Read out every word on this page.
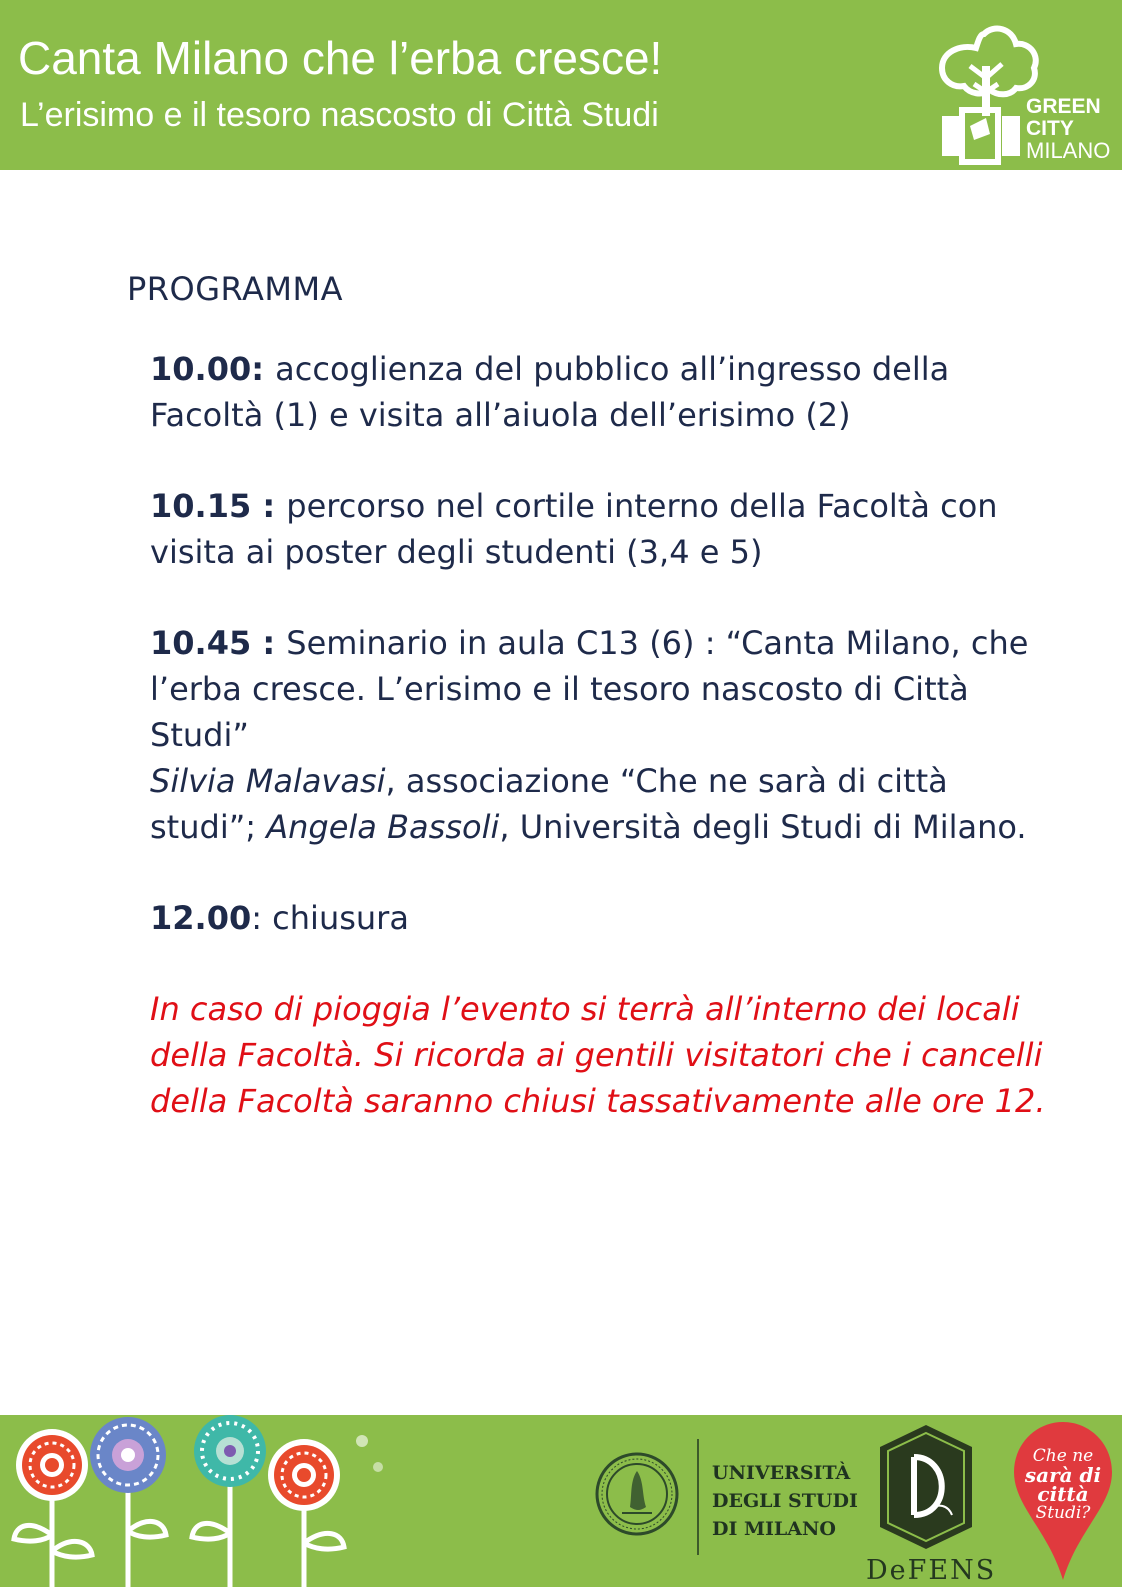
Canta Milano che l’erba cresce!
L’erisimo e il tesoro nascosto di Città Studi	GREEN
CITY
MILANO
PROGRAMMA

10.00: accoglienza del pubblico all’ingresso della Facoltà (1) e visita all’aiuola dell’erisimo (2)

10.15 : percorso nel cortile interno della Facoltà con visita ai poster degli studenti (3,4 e 5)

10.45 : Seminario in aula C13 (6) : “Canta Milano, che l’erba cresce. L’erisimo e il tesoro nascosto di Città Studi”
Silvia Malavasi, associazione “Che ne sarà di città studi”; Angela Bassoli, Università degli Studi di Milano.

12.00: chiusura

In caso di pioggia l’evento si terrà all’interno dei locali della Facoltà. Si ricorda ai gentili visitatori che i cancelli della Facoltà saranno chiusi tassativamente alle ore 12.

UNIVERSITÀ
DEGLI STUDI
DI MILANO
DeFENS
Che ne
sarà di
città
Studi?
